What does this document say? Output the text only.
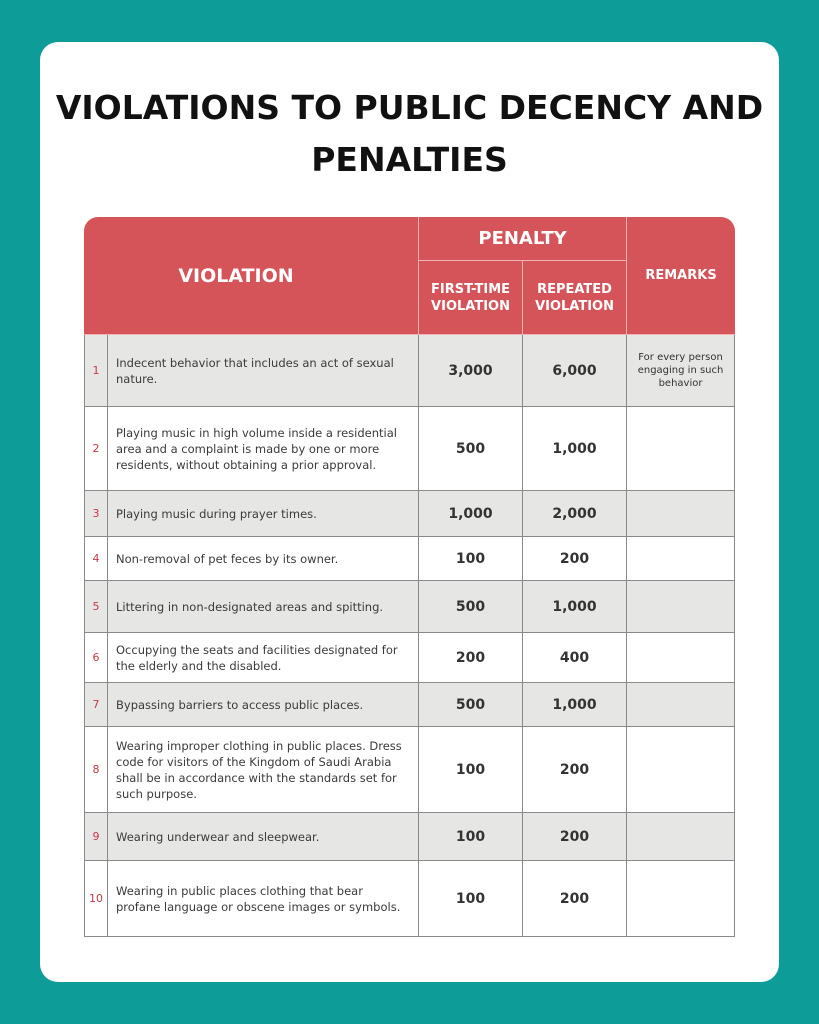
VIOLATIONS TO PUBLIC DECENCY AND PENALTIES
VIOLATION		PENALTY		REMARKS
		FIRST-TIME VIOLATION	REPEATED VIOLATION	
1	Indecent behavior that includes an act of sexual nature.	3,000	6,000	For every person engaging in such behavior
2	Playing music in high volume inside a residential area and a complaint is made by one or more residents, without obtaining a prior approval.	500	1,000	
3	Playing music during prayer times.	1,000	2,000	
4	Non-removal of pet feces by its owner.	100	200	
5	Littering in non-designated areas and spitting.	500	1,000	
6	Occupying the seats and facilities designated for the elderly and the disabled.	200	400	
7	Bypassing barriers to access public places.	500	1,000	
8	Wearing improper clothing in public places. Dress code for visitors of the Kingdom of Saudi Arabia shall be in accordance with the standards set for such purpose.	100	200	
9	Wearing underwear and sleepwear.	100	200	
10	Wearing in public places clothing that bear profane language or obscene images or symbols.	100	200	
